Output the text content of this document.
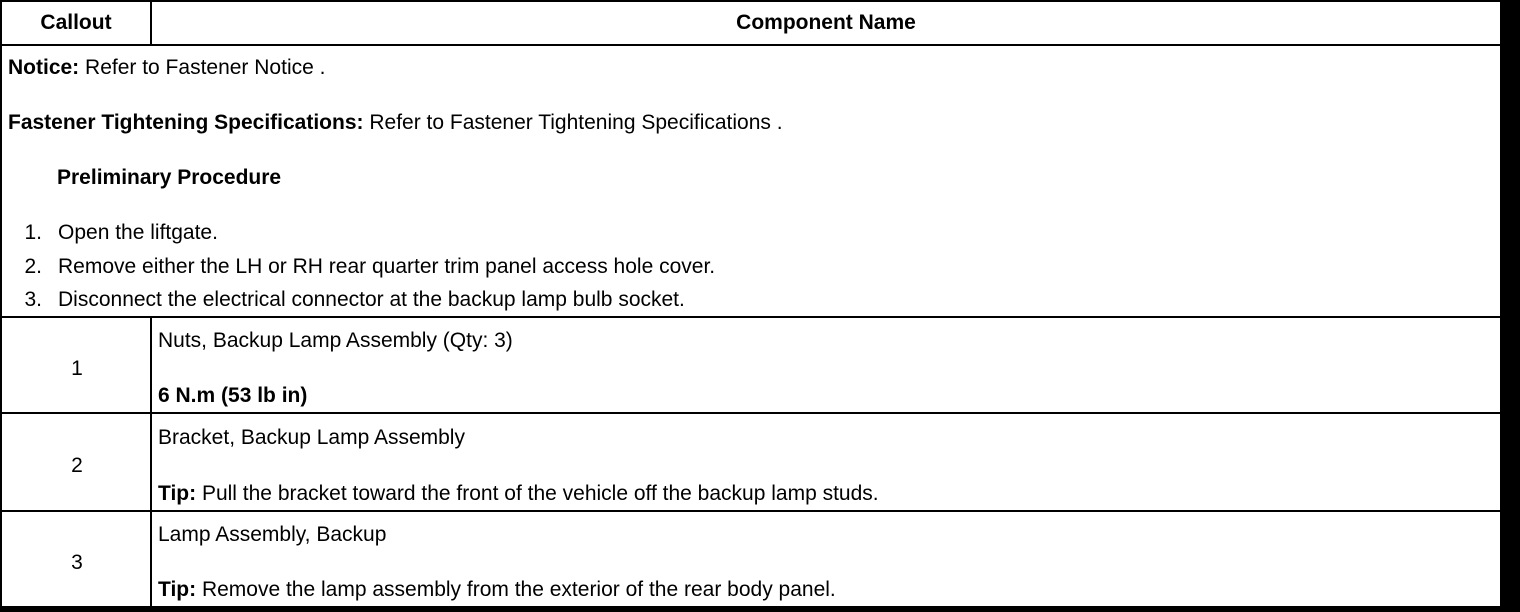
Callout	Component Name
Notice: Refer to Fastener Notice .
Fastener Tightening Specifications: Refer to Fastener Tightening Specifications .
Preliminary Procedure
1. Open the liftgate.
2. Remove either the LH or RH rear quarter trim panel access hole cover.
3. Disconnect the electrical connector at the backup lamp bulb socket.
1
Nuts, Backup Lamp Assembly (Qty: 3)
6 N.m (53 lb in)
2
Bracket, Backup Lamp Assembly
Tip: Pull the bracket toward the front of the vehicle off the backup lamp studs.
3
Lamp Assembly, Backup
Tip: Remove the lamp assembly from the exterior of the rear body panel.
